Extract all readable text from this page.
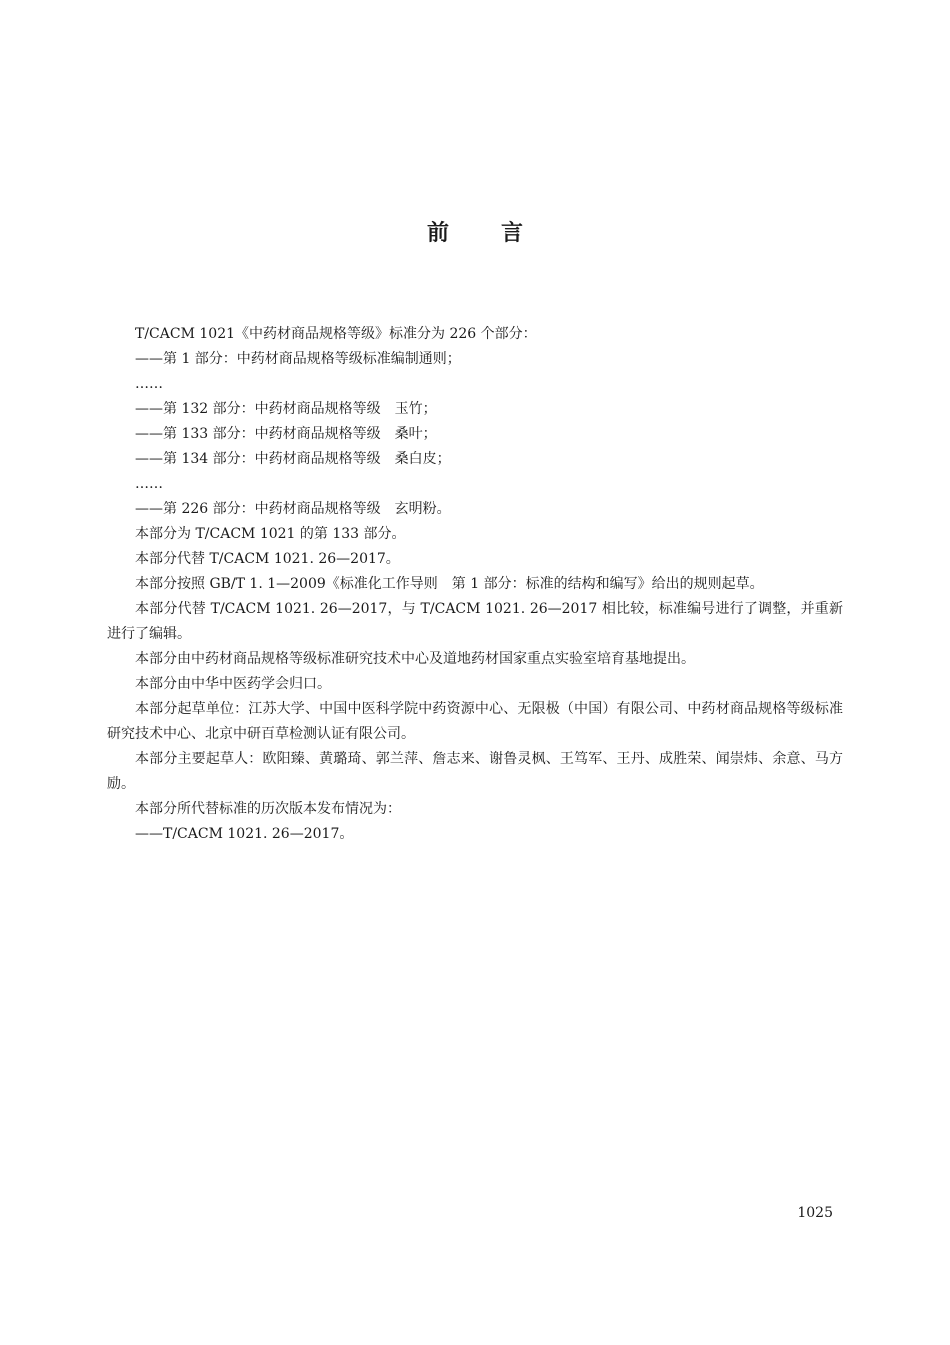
前 言

T/CACM 1021《中药材商品规格等级》标准分为 226 个部分：

——第 1 部分：中药材商品规格等级标准编制通则；

……

——第 132 部分：中药材商品规格等级　玉竹；

——第 133 部分：中药材商品规格等级　桑叶；

——第 134 部分：中药材商品规格等级　桑白皮；

……

——第 226 部分：中药材商品规格等级　玄明粉。

本部分为 T/CACM 1021 的第 133 部分。

本部分代替 T/CACM 1021. 26—2017。

本部分按照 GB/T 1. 1—2009《标准化工作导则　第 1 部分：标准的结构和编写》给出的规则起草。

本部分代替 T/CACM 1021. 26—2017，与 T/CACM 1021. 26—2017 相比较，标准编号进行了调整，并重新进行了编辑。

本部分由中药材商品规格等级标准研究技术中心及道地药材国家重点实验室培育基地提出。

本部分由中华中医药学会归口。

本部分起草单位：江苏大学、中国中医科学院中药资源中心、无限极（中国）有限公司、中药材商品规格等级标准研究技术中心、北京中研百草检测认证有限公司。

本部分主要起草人：欧阳臻、黄璐琦、郭兰萍、詹志来、谢鲁灵枫、王笃军、王丹、成胜荣、闻崇炜、余意、马方励。

本部分所代替标准的历次版本发布情况为：

——T/CACM 1021. 26—2017。

1025
